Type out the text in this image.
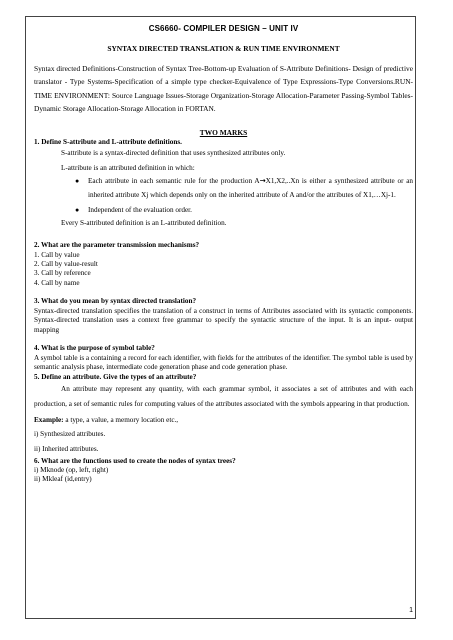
CS6660- COMPILER DESIGN – UNIT IV
SYNTAX DIRECTED TRANSLATION & RUN TIME ENVIRONMENT
Syntax directed Definitions-Construction of Syntax Tree-Bottom-up Evaluation of S-Attribute Definitions- Design of predictive translator - Type Systems-Specification of a simple type checker-Equivalence of Type Expressions-Type Conversions.RUN-TIME ENVIRONMENT: Source Language Issues-Storage Organization-Storage Allocation-Parameter Passing-Symbol Tables-Dynamic Storage Allocation-Storage Allocation in FORTAN.
TWO MARKS
1. Define S-attribute and L-attribute definitions.
S-attribute is a syntax-directed definition that uses synthesized attributes only.
L-attribute is an attributed definition in which:
● Each attribute in each semantic rule for the production A→X1,X2,..Xn is either a synthesized attribute or an inherited attribute Xj which depends only on the inherited attribute of A and/or the attributes of X1,…Xj-1.
● Independent of the evaluation order.
Every S-attributed definition is an L-attributed definition.
2. What are the parameter transmission mechanisms?
1. Call by value
2. Call by value-result
3. Call by reference
4. Call by name
3. What do you mean by syntax directed translation?
Syntax-directed translation specifies the translation of a construct in terms of Attributes associated with its syntactic components. Syntax-directed translation uses a context free grammar to specify the syntactic structure of the input. It is an input- output mapping
4. What is the purpose of symbol table?
A symbol table is a containing a record for each identifier, with fields for the attributes of the identifier. The symbol table is used by semantic analysis phase, intermediate code generation phase and code generation phase.
5. Define an attribute. Give the types of an attribute?
An attribute may represent any quantity, with each grammar symbol, it associates a set of attributes and with each production, a set of semantic rules for computing values of the attributes associated with the symbols appearing in that production.
Example: a type, a value, a memory location etc.,
i) Synthesized attributes.
ii) Inherited attributes.
6. What are the functions used to create the nodes of syntax trees?
i) Mknode (op, left, right)
ii) Mkleaf (id,entry)
1
